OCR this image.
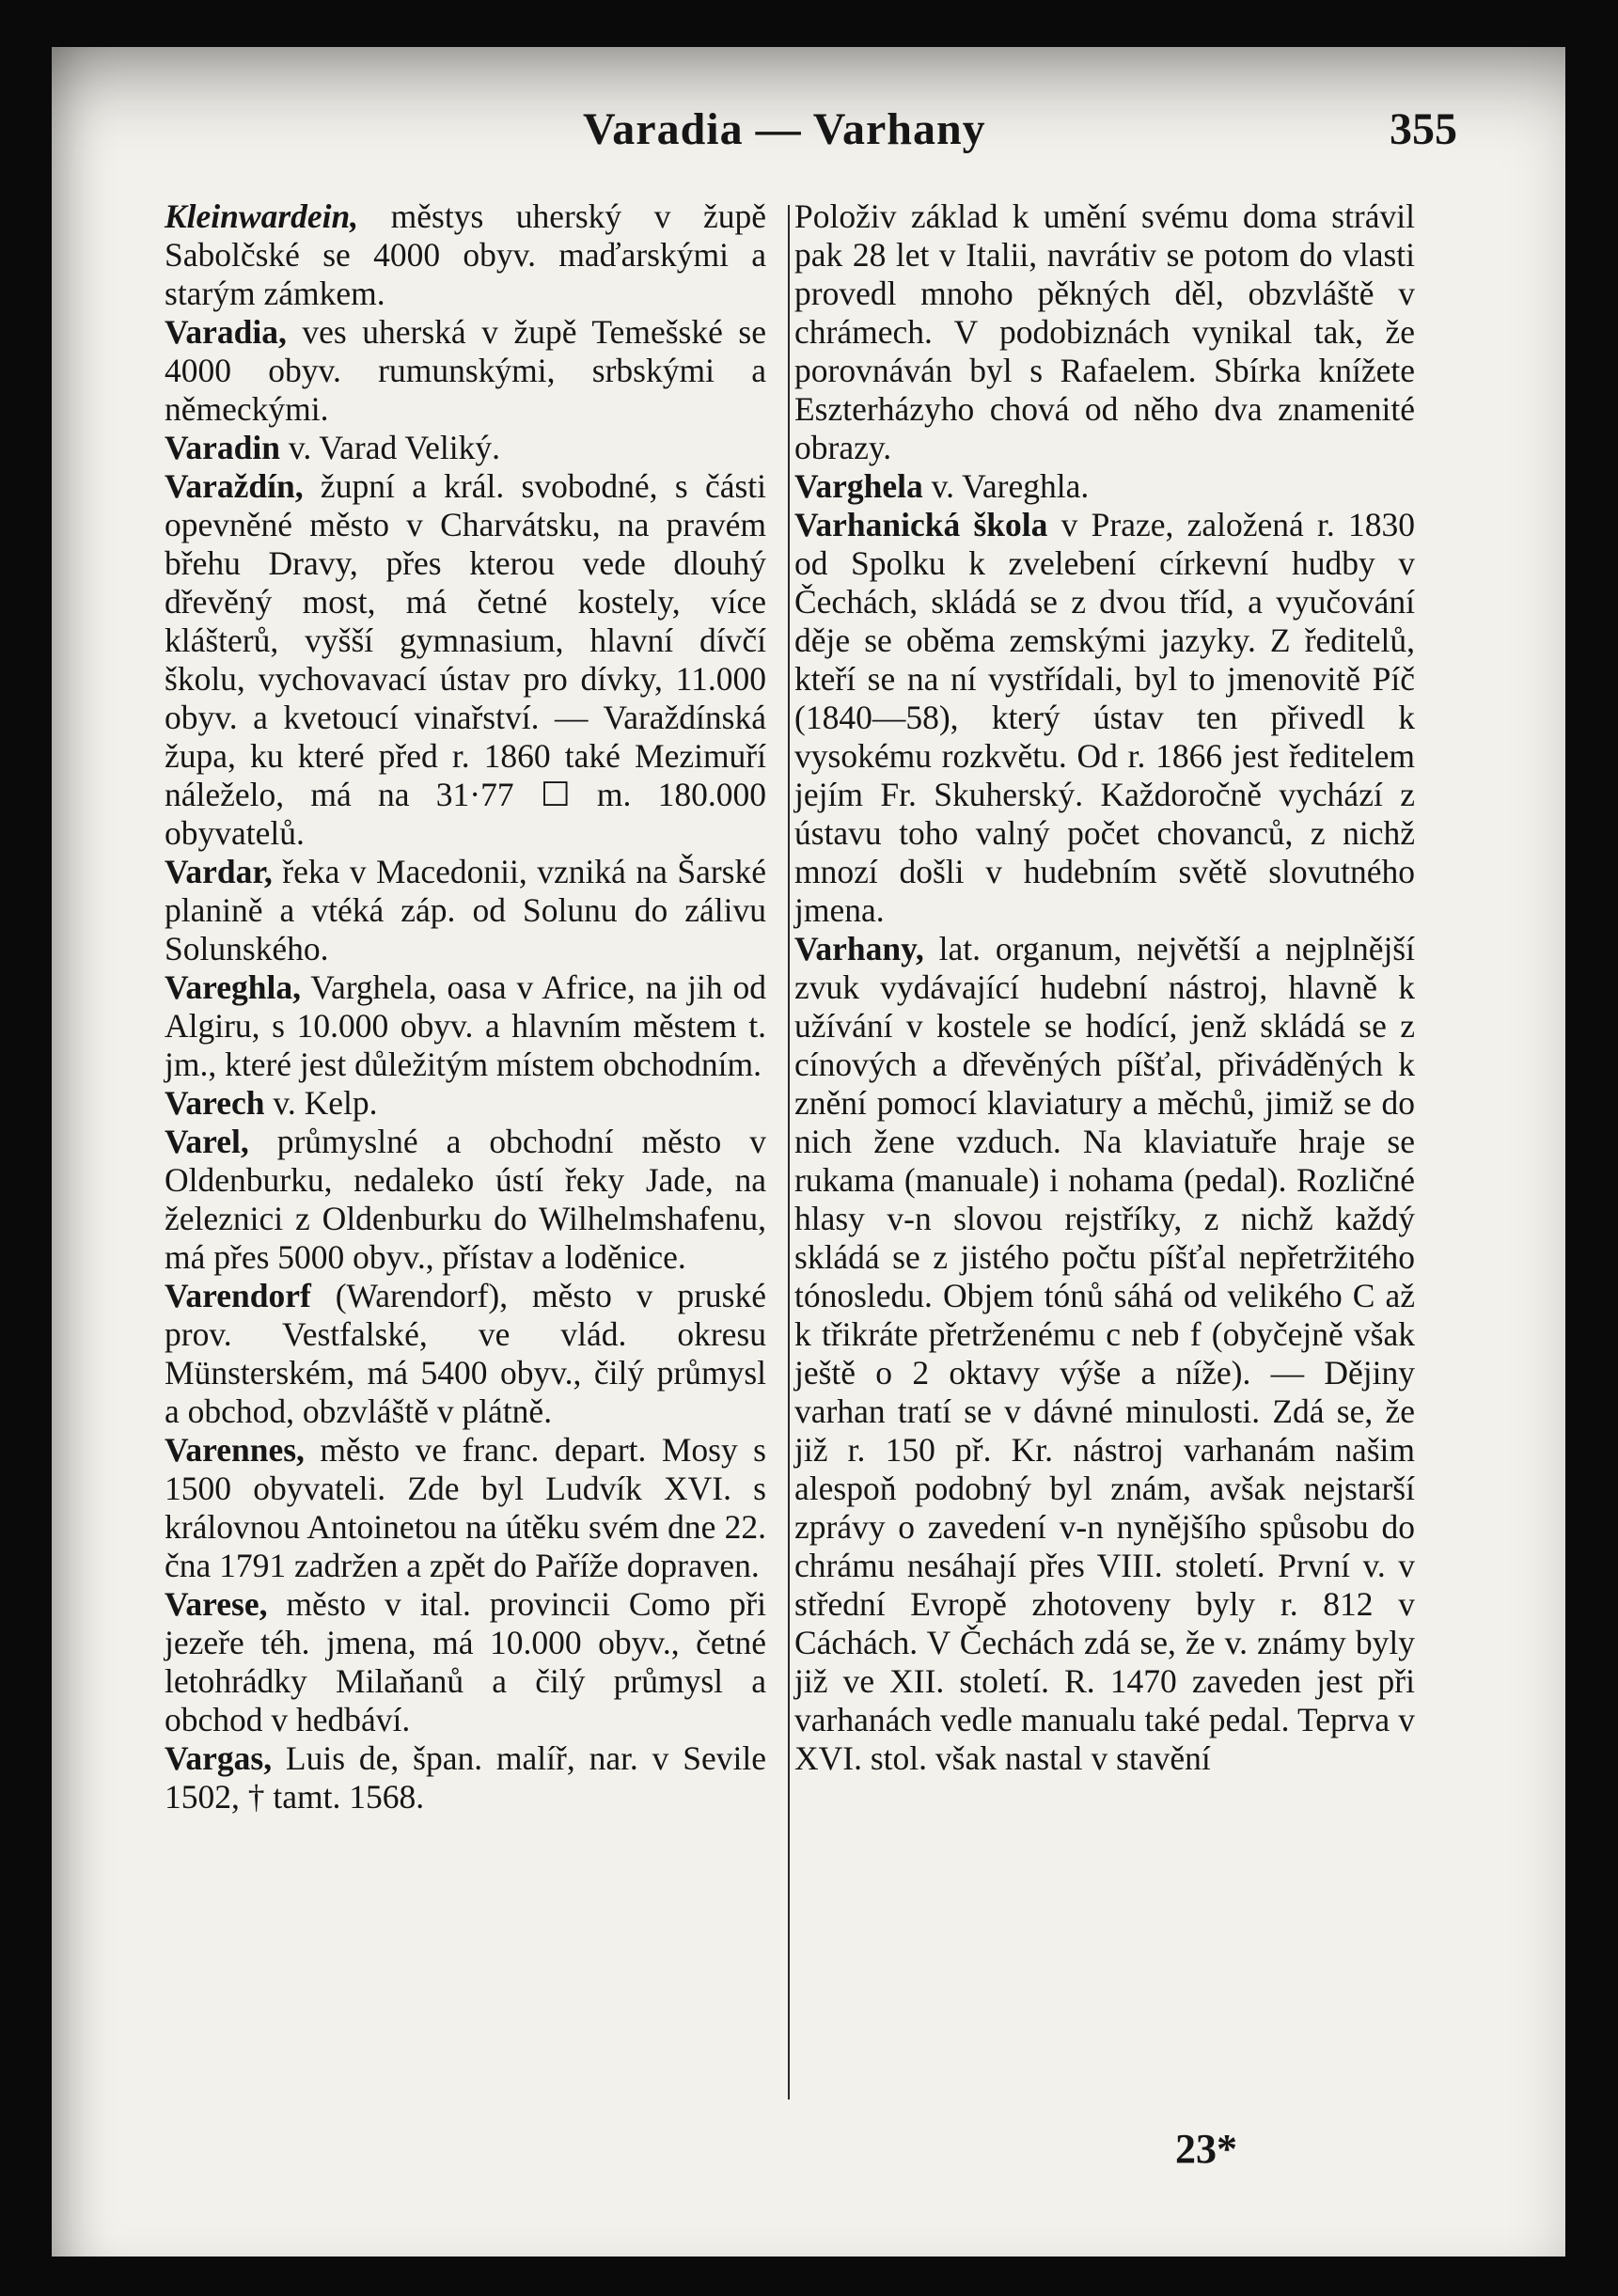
Varadia — Varhany	355

Kleinwardein, městys uherský v župě Sabolčské se 4000 obyv. maďarskými a starým zámkem.

Varadia, ves uherská v župě Temešské se 4000 obyv. rumunskými, srbskými a německými.

Varadin v. Varad Veliký.

Varaždín, župní a král. svobodné, s části opevněné město v Charvátsku, na pravém břehu Dravy, přes kterou vede dlouhý dřevěný most, má četné kostely, více klášterů, vyšší gymnasium, hlavní dívčí školu, vychovavací ústav pro dívky, 11.000 obyv. a kvetoucí vinařství. — Varaždínská župa, ku které před r. 1860 také Mezimuří náleželo, má na 31·77 ☐ m. 180.000 obyvatelů.

Vardar, řeka v Macedonii, vzniká na Šarské planině a vtéká záp. od Solunu do zálivu Solunského.

Vareghla, Varghela, oasa v Africe, na jih od Algiru, s 10.000 obyv. a hlavním městem t. jm., které jest důležitým místem obchodním.

Varech v. Kelp.

Varel, průmyslné a obchodní město v Oldenburku, nedaleko ústí řeky Jade, na železnici z Oldenburku do Wilhelmshafenu, má přes 5000 obyv., přístav a loděnice.

Varendorf (Warendorf), město v pruské prov. Vestfalské, ve vlád. okresu Münsterském, má 5400 obyv., čilý průmysl a obchod, obzvláště v plátně.

Varennes, město ve franc. depart. Mosy s 1500 obyvateli. Zde byl Ludvík XVI. s královnou Antoinetou na útěku svém dne 22. čna 1791 zadržen a zpět do Paříže dopraven.

Varese, město v ital. provincii Como při jezeře téh. jmena, má 10.000 obyv., četné letohrádky Milaňanů a čilý průmysl a obchod v hedbáví.

Vargas, Luis de, špan. malíř, nar. v Sevile 1502, † tamt. 1568.

Položiv základ k umění svému doma strávil pak 28 let v Italii, navrátiv se potom do vlasti provedl mnoho pěkných děl, obzvláště v chrámech. V podobiznách vynikal tak, že porovnáván byl s Rafaelem. Sbírka knížete Eszterházyho chová od něho dva znamenité obrazy.

Varghela v. Vareghla.

Varhanická škola v Praze, založená r. 1830 od Spolku k zvelebení církevní hudby v Čechách, skládá se z dvou tříd, a vyučování děje se oběma zemskými jazyky. Z ředitelů, kteří se na ní vystřídali, byl to jmenovitě Píč (1840—58), který ústav ten přivedl k vysokému rozkvětu. Od r. 1866 jest ředitelem jejím Fr. Skuherský. Každoročně vychází z ústavu toho valný počet chovanců, z nichž mnozí došli v hudebním světě slovutného jmena.

Varhany, lat. organum, největší a nejplnější zvuk vydávající hudební nástroj, hlavně k užívání v kostele se hodící, jenž skládá se z cínových a dřevěných píšťal, přiváděných k znění pomocí klaviatury a měchů, jimiž se do nich žene vzduch. Na klaviatuře hraje se rukama (manuale) i nohama (pedal). Rozličné hlasy v-n slovou rejstříky, z nichž každý skládá se z jistého počtu píšťal nepřetržitého tónosledu. Objem tónů sáhá od velikého C až k třikráte přetrženému c neb f (obyčejně však ještě o 2 oktavy výše a níže). — Dějiny varhan tratí se v dávné minulosti. Zdá se, že již r. 150 př. Kr. nástroj varhanám našim alespoň podobný byl znám, avšak nejstarší zprávy o zavedení v-n nynějšího spůsobu do chrámu nesáhají přes VIII. století. První v. v střední Evropě zhotoveny byly r. 812 v Cáchách. V Čechách zdá se, že v. známy byly již ve XII. století. R. 1470 zaveden jest při varhanách vedle manualu také pedal. Teprva v XVI. stol. však nastal v stavění

23*
